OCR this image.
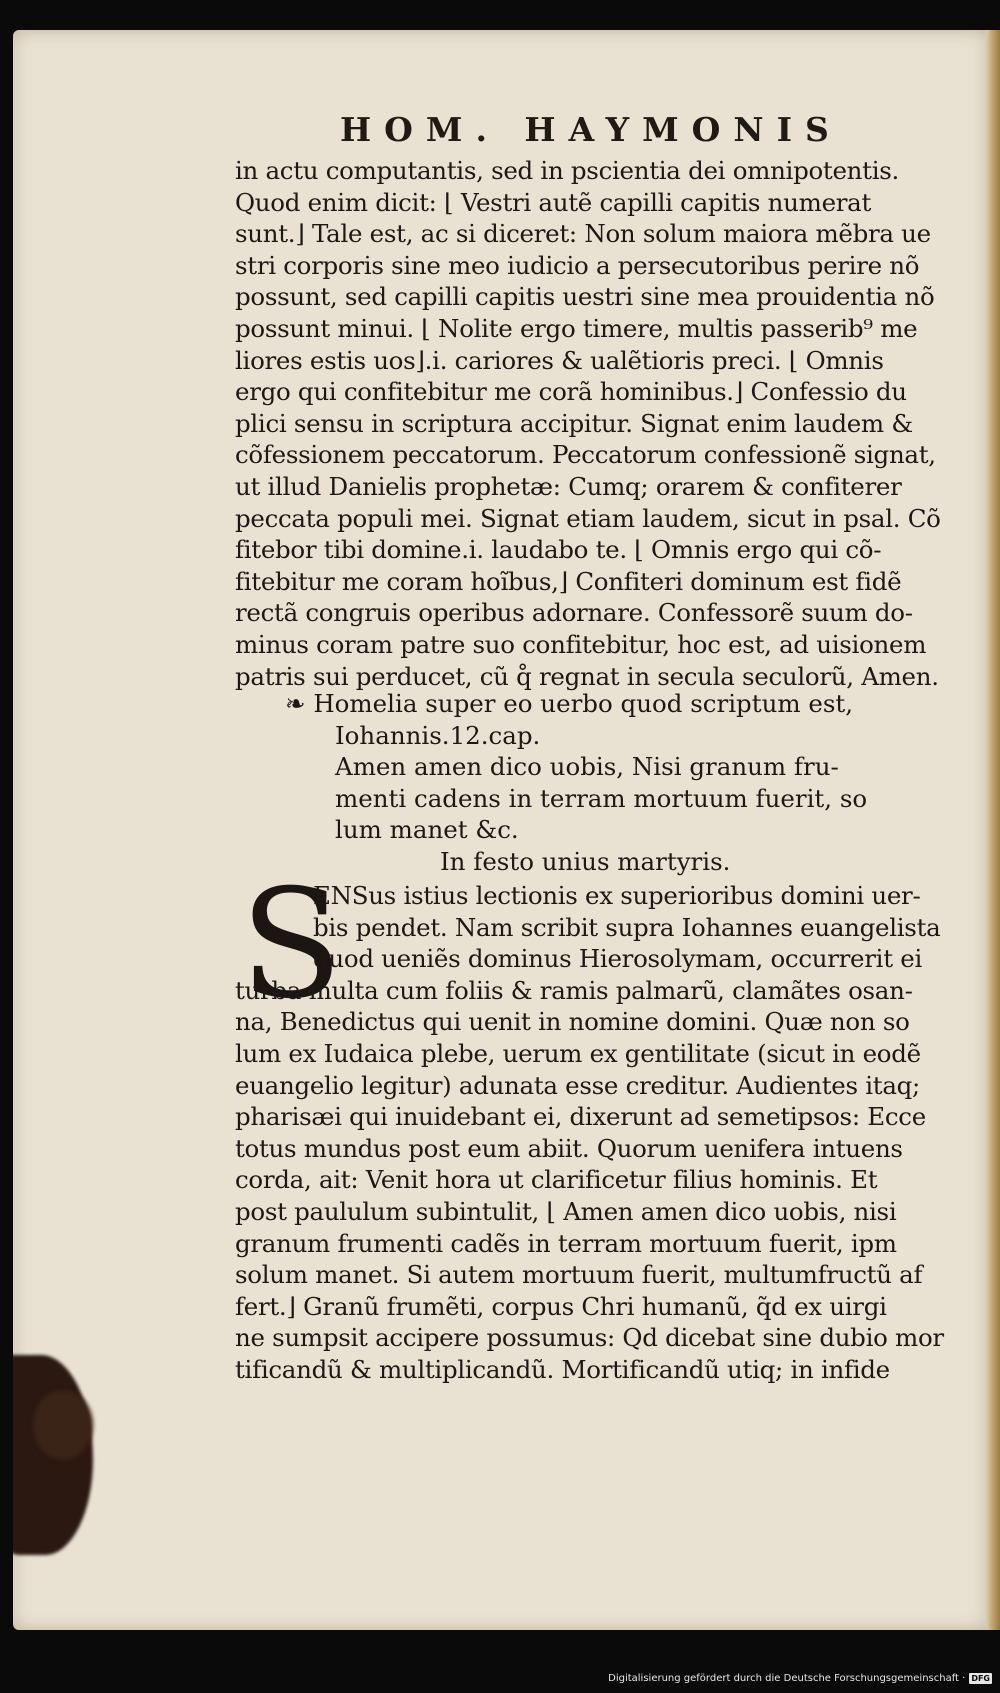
HOM. HAYMONIS
in actu computantis, sed in pscientia dei omnipotentis.
Quod enim dicit: ⌊ Vestri autẽ capilli capitis numerat
sunt.⌋ Tale est, ac si diceret: Non solum maiora mẽbra ue
stri corporis sine meo iudicio a persecutoribus perire nõ
possunt, sed capilli capitis uestri sine mea prouidentia nõ
possunt minui. ⌊ Nolite ergo timere, multis passerib⁹ me
liores estis uos⌋.i. cariores & ualẽtioris preci. ⌊ Omnis
ergo qui confitebitur me corã hominibus.⌋ Confessio du
plici sensu in scriptura accipitur. Signat enim laudem &
cõfessionem peccatorum. Peccatorum confessionẽ signat,
ut illud Danielis prophetæ: Cumq; orarem & confiterer
peccata populi mei. Signat etiam laudem, sicut in psal. Cõ
fitebor tibi domine.i. laudabo te. ⌊ Omnis ergo qui cõ-
fitebitur me coram hoĩbus,⌋ Confiteri dominum est fidẽ
rectã congruis operibus adornare. Confessorẽ suum do-
minus coram patre suo confitebitur, hoc est, ad uisionem
patris sui perducet, cũ q̊ regnat in secula seculorũ, Amen.
❧ Homelia super eo uerbo quod scriptum est,
Iohannis.12.cap.
Amen amen dico uobis, Nisi granum fru-
menti cadens in terram mortuum fuerit, so
lum manet &c.
In festo unius martyris.
S
ENSus istius lectionis ex superioribus domini uer-
bis pendet. Nam scribit supra Iohannes euangelista
quod ueniẽs dominus Hierosolymam, occurrerit ei
turba multa cum foliis & ramis palmarũ, clamãtes osan-
na, Benedictus qui uenit in nomine domini. Quæ non so
lum ex Iudaica plebe, uerum ex gentilitate (sicut in eodẽ
euangelio legitur) adunata esse creditur. Audientes itaq;
pharisæi qui inuidebant ei, dixerunt ad semetipsos: Ecce
totus mundus post eum abiit. Quorum uenifera intuens
corda, ait: Venit hora ut clarificetur filius hominis. Et
post paululum subintulit, ⌊ Amen amen dico uobis, nisi
granum frumenti cadẽs in terram mortuum fuerit, ipm
solum manet. Si autem mortuum fuerit, multumfructũ af
fert.⌋ Granũ frumẽti, corpus Chri humanũ, q̃d ex uirgi
ne sumpsit accipere possumus: Qd dicebat sine dubio mor
tificandũ & multiplicandũ. Mortificandũ utiq; in infide
Digitalisierung gefördert durch die Deutsche Forschungsgemeinschaft · DFG
